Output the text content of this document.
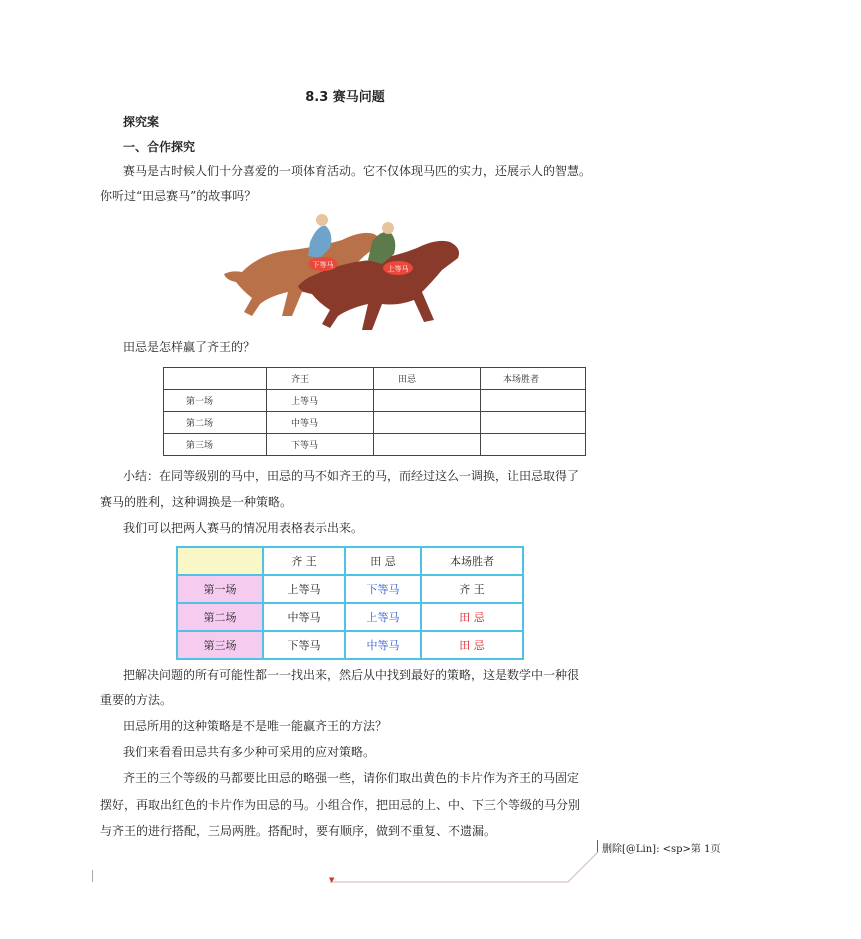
8.3 赛马问题
探究案
一、合作探究
赛马是古时候人们十分喜爱的一项体育活动。它不仅体现马匹的实力，还展示人的智慧。
你听过“田忌赛马”的故事吗？
下等马	上等马
田忌是怎样赢了齐王的？
	齐王	田忌	本场胜者
第一场	上等马		
第二场	中等马		
第三场	下等马		
小结：在同等级别的马中，田忌的马不如齐王的马，而经过这么一调换，让田忌取得了
赛马的胜利，这种调换是一种策略。
我们可以把两人赛马的情况用表格表示出来。
	齐 王	田 忌	本场胜者
第一场	上等马	下等马	齐 王
第二场	中等马	上等马	田 忌
第三场	下等马	中等马	田 忌
把解决问题的所有可能性都一一找出来，然后从中找到最好的策略，这是数学中一种很
重要的方法。
田忌所用的这种策略是不是唯一能赢齐王的方法？
我们来看看田忌共有多少种可采用的应对策略。
齐王的三个等级的马都要比田忌的略强一些，请你们取出黄色的卡片作为齐王的马固定
摆好，再取出红色的卡片作为田忌的马。小组合作，把田忌的上、中、下三个等级的马分别
与齐王的进行搭配，三局两胜。搭配时，要有顺序，做到不重复、不遗漏。
删除[@Lin]: <sp>第 1页
▼
